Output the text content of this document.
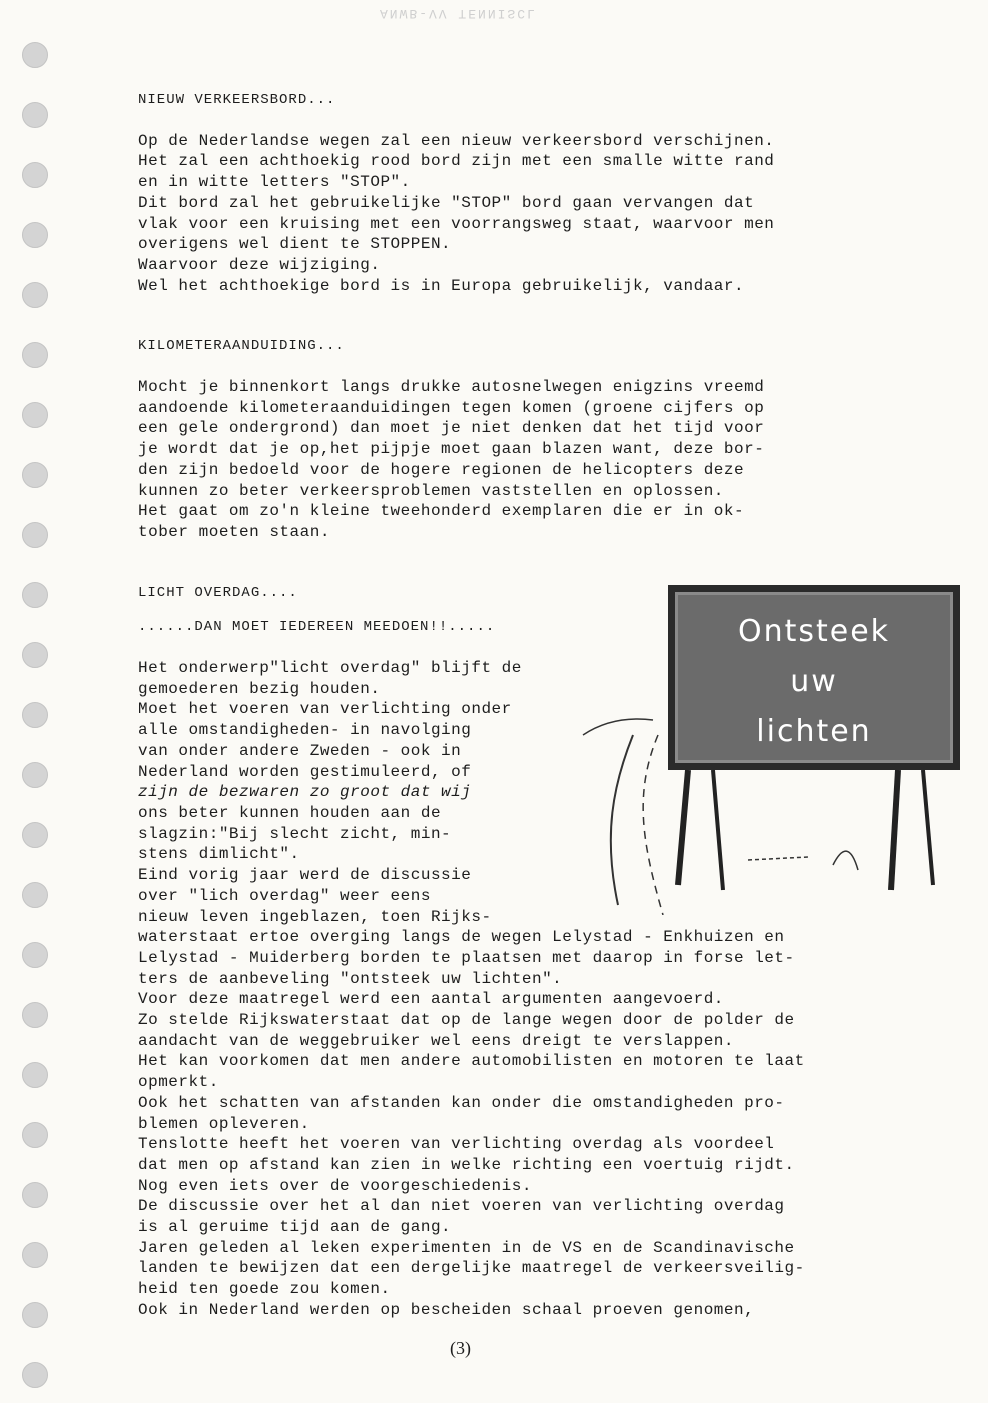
ANWB-VV TENNISCL

NIEUW VERKEERSBORD...

Op de Nederlandse wegen zal een nieuw verkeersbord verschijnen.
Het zal een achthoekig rood bord zijn met een smalle witte rand
en in witte letters "STOP".
Dit bord zal het gebruikelijke "STOP" bord gaan vervangen dat
vlak voor een kruising met een voorrangsweg staat, waarvoor men
overigens wel dient te STOPPEN.
Waarvoor deze wijziging.
Wel het achthoekige bord is in Europa gebruikelijk, vandaar.

KILOMETERAANDUIDING...

Mocht je binnenkort langs drukke autosnelwegen enigzins vreemd
aandoende kilometeraanduidingen tegen komen (groene cijfers op
een gele ondergrond) dan moet je niet denken dat het tijd voor
je wordt dat je op,het pijpje moet gaan blazen want, deze bor-
den zijn bedoeld voor de hogere regionen de helicopters deze
kunnen zo beter verkeersproblemen vaststellen en oplossen.
Het gaat om zo'n kleine tweehonderd exemplaren die er in ok-
tober moeten staan.

LICHT OVERDAG....

......DAN MOET IEDEREEN MEEDOEN!!.....

Het onderwerp"licht overdag" blijft de
gemoederen bezig houden.
Moet het voeren van verlichting onder
alle omstandigheden- in navolging
van onder andere Zweden - ook in
Nederland worden gestimuleerd, of

zijn de bezwaren zo groot dat wij

ons beter kunnen houden aan de
slagzin:"Bij slecht zicht, min-
stens dimlicht".
Eind vorig jaar werd de discussie
over "lich overdag" weer eens
nieuw leven ingeblazen, toen Rijks-
waterstaat ertoe overging langs de wegen Lelystad - Enkhuizen en
Lelystad - Muiderberg borden te plaatsen met daarop in forse let-
ters de aanbeveling "ontsteek uw lichten".
Voor deze maatregel werd een aantal argumenten aangevoerd.
Zo stelde Rijkswaterstaat dat op de lange wegen door de polder de
aandacht van de weggebruiker wel eens dreigt te verslappen.
Het kan voorkomen dat men andere automobilisten en motoren te laat
opmerkt.
Ook het schatten van afstanden kan onder die omstandigheden pro-
blemen opleveren.
Tenslotte heeft het voeren van verlichting overdag als voordeel
dat men op afstand kan zien in welke richting een voertuig rijdt.
Nog even iets over de voorgeschiedenis.
De discussie over het al dan niet voeren van verlichting overdag
is al geruime tijd aan de gang.
Jaren geleden al leken experimenten in de VS en de Scandinavische
landen te bewijzen dat een dergelijke maatregel de verkeersveilig-
heid ten goede zou komen.
Ook in Nederland werden op bescheiden schaal proeven genomen,

Ontsteek
uw
lichten
(3)
